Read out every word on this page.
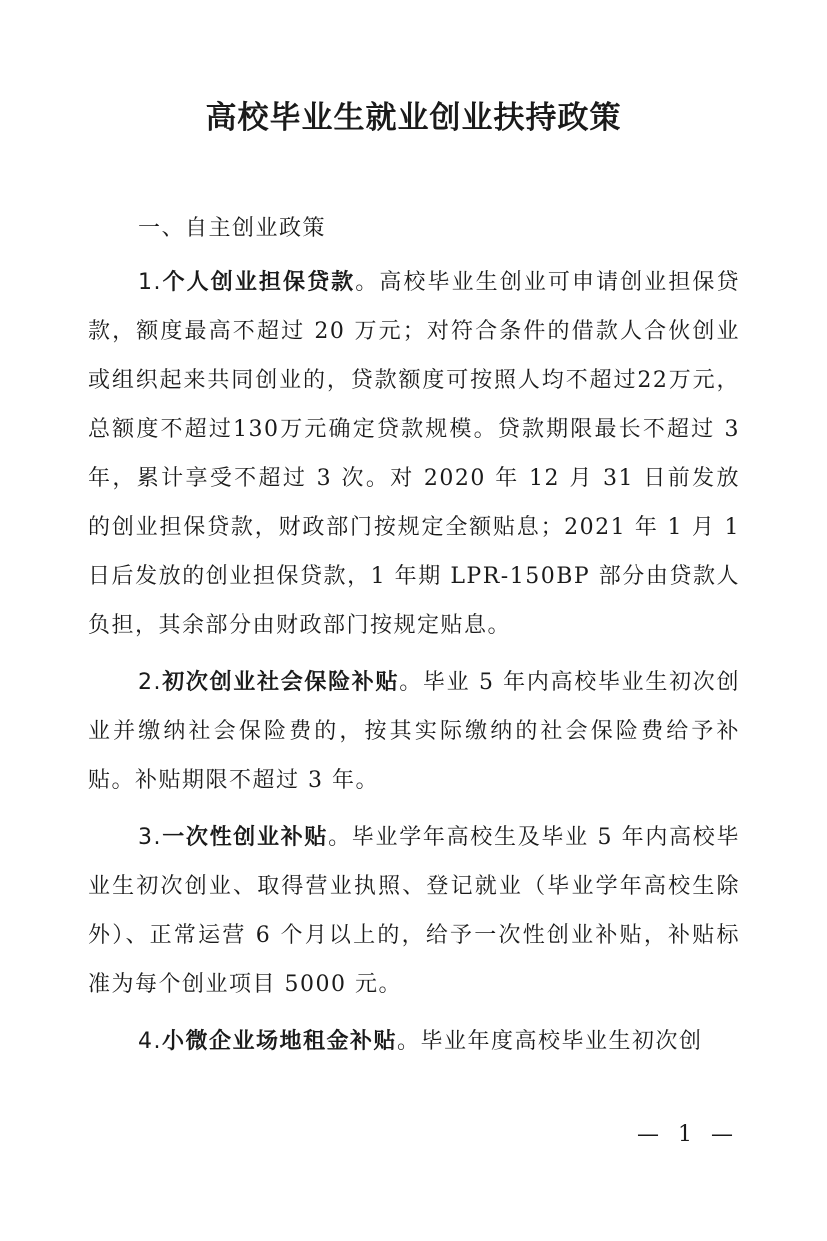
高校毕业生就业创业扶持政策
一、自主创业政策

1.个人创业担保贷款。高校毕业生创业可申请创业担保贷款，额度最高不超过 20 万元；对符合条件的借款人合伙创业或组织起来共同创业的，贷款额度可按照人均不超过22万元，总额度不超过130万元确定贷款规模。贷款期限最长不超过 3 年，累计享受不超过 3 次。对 2020 年 12 月 31 日前发放的创业担保贷款，财政部门按规定全额贴息；2021 年 1 月 1 日后发放的创业担保贷款，1 年期 LPR-150BP 部分由贷款人负担，其余部分由财政部门按规定贴息。

2.初次创业社会保险补贴。毕业 5 年内高校毕业生初次创业并缴纳社会保险费的，按其实际缴纳的社会保险费给予补贴。补贴期限不超过 3 年。

3.一次性创业补贴。毕业学年高校生及毕业 5 年内高校毕业生初次创业、取得营业执照、登记就业（毕业学年高校生除外）、正常运营 6 个月以上的，给予一次性创业补贴，补贴标准为每个创业项目 5000 元。

4.小微企业场地租金补贴。毕业年度高校毕业生初次创

— 1 —
